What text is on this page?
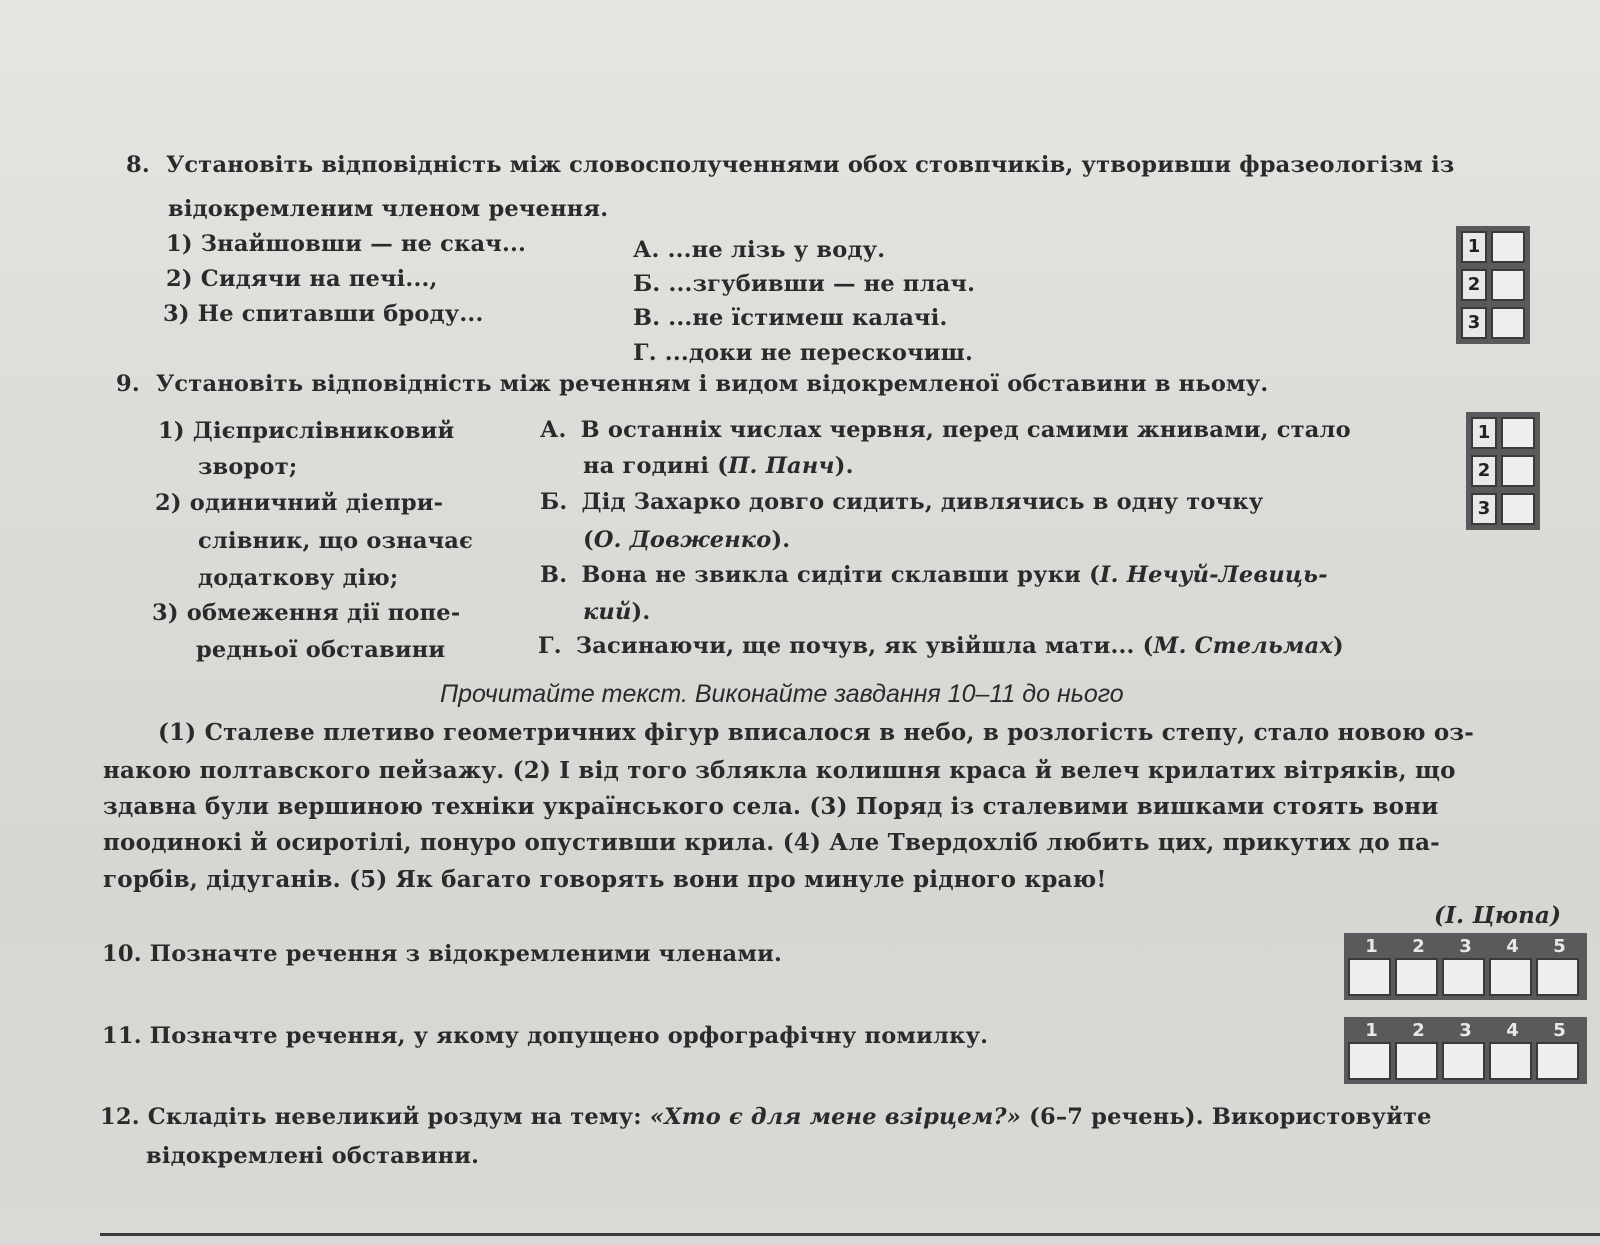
8. Установіть відповідність між словосполученнями обох стовпчиків, утворивши фразеологізм із
відокремленим членом речення.
1) Знайшовши — не скач...
2) Сидячи на печі...,
3) Не спитавши броду...
А. ...не лізь у воду.
Б. ...згубивши — не плач.
В. ...не їстимеш калачі.
Г. ...доки не перескочиш.
1
2
3
9. Установіть відповідність між реченням і видом відокремленої обставини в ньому.
1) Дієприслівниковий
зворот;
2) одиничний діепри-
слівник, що означає
додаткову дію;
3) обмеження дії попе-
редньої обставини
А. В останніх числах червня, перед самими жнивами, стало
на годині (П. Панч).
Б. Дід Захарко довго сидить, дивлячись в одну точку
(О. Довженко).
В. Вона не звикла сидіти склавши руки (І. Нечуй-Левиць-
кий).
Г. Засинаючи, ще почув, як увійшла мати... (М. Стельмах)
1
2
3
Прочитайте текст. Виконайте завдання 10–11 до нього
(1) Сталеве плетиво геометричних фігур вписалося в небо, в розлогість степу, стало новою оз-
накою полтавского пейзажу. (2) І від того зблякла колишня краса й велеч крилатих вітряків, що
здавна були вершиною техніки українського села. (3) Поряд із сталевими вишками стоять вони
поодинокі й осиротілі, понуро опустивши крила. (4) Але Твердохліб любить цих, прикутих до па-
горбів, дідуганів. (5) Як багато говорять вони про минуле рідного краю!
(І. Цюпа)
10. Позначте речення з відокремленими членами.	1	2	3	4	5
11. Позначте речення, у якому допущено орфографічну помилку.	1	2	3	4	5
12. Складіть невеликий роздум на тему: «Хто є для мене взірцем?» (6–7 речень). Використовуйте
відокремлені обставини.
